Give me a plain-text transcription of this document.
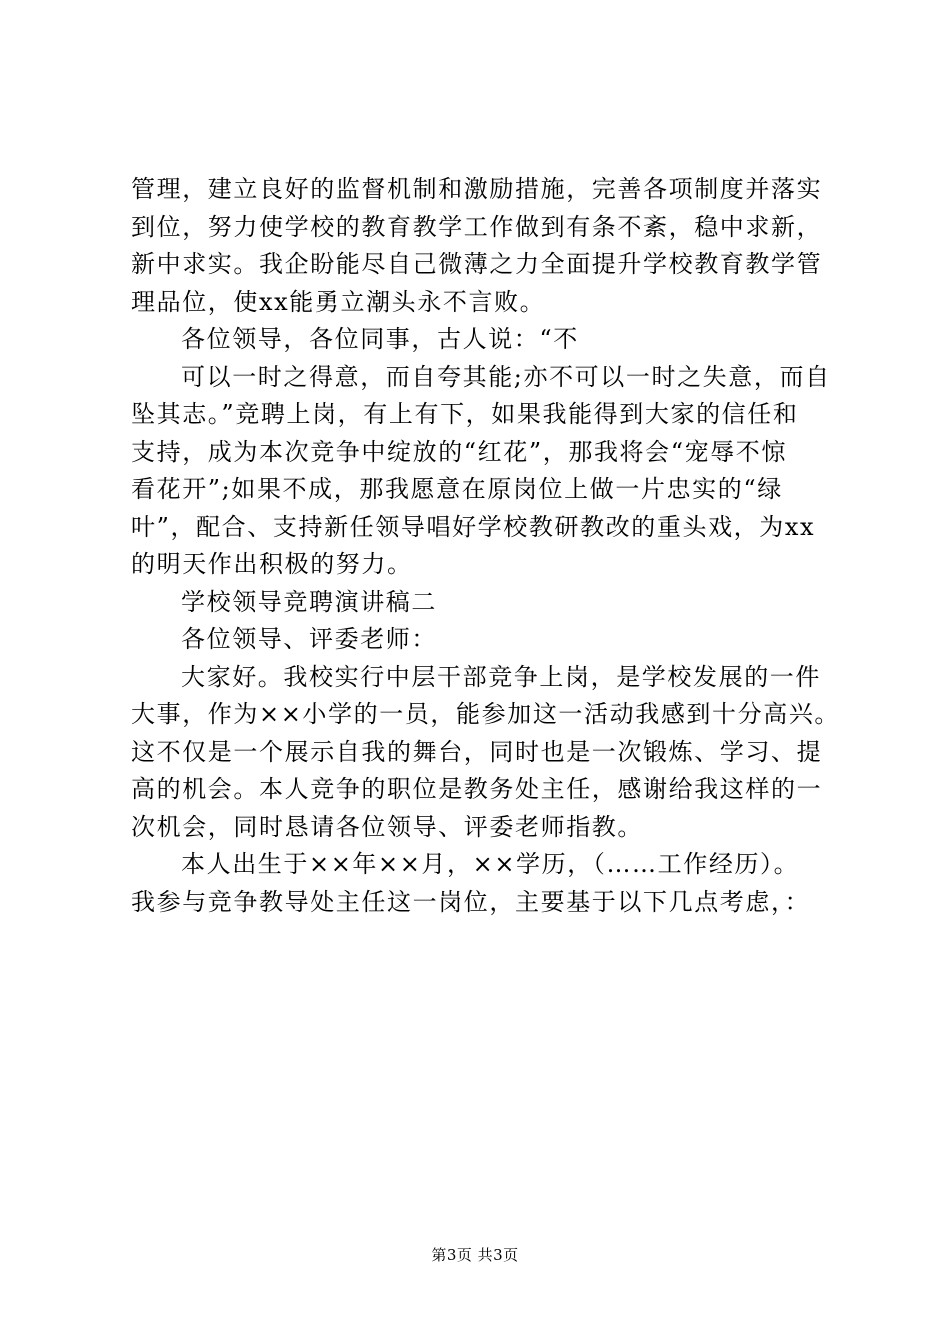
管理，建立良好的监督机制和激励措施，完善各项制度并落实
到位，努力使学校的教育教学工作做到有条不紊，稳中求新，
新中求实。我企盼能尽自己微薄之力全面提升学校教育教学管
理品位，使xx能勇立潮头永不言败。
各位领导，各位同事，古人说：“不
可以一时之得意，而自夸其能;亦不可以一时之失意，而自
坠其志。”竞聘上岗，有上有下，如果我能得到大家的信任和
支持，成为本次竞争中绽放的“红花”，那我将会“宠辱不惊
看花开”;如果不成，那我愿意在原岗位上做一片忠实的“绿
叶”，配合、支持新任领导唱好学校教研教改的重头戏，为xx
的明天作出积极的努力。
学校领导竞聘演讲稿二
各位领导、评委老师：
大家好。我校实行中层干部竞争上岗，是学校发展的一件
大事，作为××小学的一员，能参加这一活动我感到十分高兴。
这不仅是一个展示自我的舞台，同时也是一次锻炼、学习、提
高的机会。本人竞争的职位是教务处主任，感谢给我这样的一
次机会，同时恳请各位领导、评委老师指教。
本人出生于××年××月，××学历，（……工作经历）。
我参与竞争教导处主任这一岗位，主要基于以下几点考虑，：
第3页 共3页
